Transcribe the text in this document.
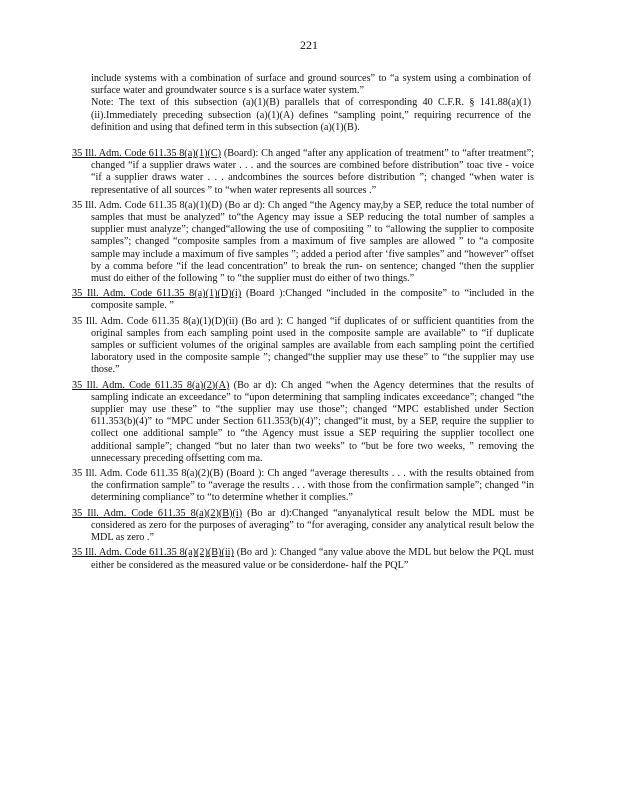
221

include systems with a combination of surface and ground sources” to “a system using a combination of surface water and groundwater source s is a surface water system.”

Note: The text of this subsection (a)(1)(B) parallels that of corresponding 40 C.F.R. § 141.88(a)(1)(ii).Immediately preceding subsection (a)(1)(A) defines “sampling point,” requiring recurrence of the definition and using that defined term in this subsection (a)(1)(B).

35 Ill. Adm. Code 611.35 8(a)(1)(C) (Board): Ch anged “after any application of treatment” to “after treatment”; changed “if a supplier draws water . . . and the sources are combined before distribution” toac tive - voice “if a supplier draws water . . . andcombines the sources before distribution ”; changed “when water is representative of all sources ” to “when water represents all sources .”

35 Ill. Adm. Code 611.35 8(a)(1)(D) (Bo ar d): Ch anged “the Agency may,by a SEP, reduce the total number of samples that must be analyzed” to“the Agency may issue a SEP reducing the total number of samples a supplier must analyze”; changed“allowing the use of compositing ” to “allowing the supplier to composite samples”; changed “composite samples from a maximum of five samples are allowed ” to “a composite sample may include a maximum of five samples ”; added a period after ‘five samples” and “however” offset by a comma before “if the lead concentration” to break the run- on sentence; changed “then the supplier must do either of the following ” to “the supplier must do either of two things.”

35 Ill. Adm. Code 611.35 8(a)(1)(D)(i) (Board ):Changed “included in the composite” to “included in the composite sample. ”

35 Ill. Adm. Code 611.35 8(a)(1)(D)(ii) (Bo ard ): C hanged “if duplicates of or sufficient quantities from the original samples from each sampling point used in the composite sample are available” to “if duplicate samples or sufficient volumes of the original samples are available from each sampling point the certified laboratory used in the composite sample ”; changed“the supplier may use these” to “the supplier may use those.”

35 Ill. Adm. Code 611.35 8(a)(2)(A) (Bo ar d): Ch anged “when the Agency determines that the results of sampling indicate an exceedance” to “upon determining that sampling indicates exceedance”; changed “the supplier may use these” to “the supplier may use those”; changed “MPC established under Section 611.353(b)(4)” to “MPC under Section 611.353(b)(4)”; changed“it must, by a SEP, require the supplier to collect one additional sample” to “the Agency must issue a SEP requiring the supplier tocollect one additional sample”; changed “but no later than two weeks” to “but be fore two weeks, ” removing the unnecessary preceding offsetting com ma.

35 Ill. Adm. Code 611.35 8(a)(2)(B) (Board ): Ch anged “average theresults . . . with the results obtained from the confirmation sample” to “average the results . . . with those from the confirmation sample”; changed “in determining compliance” to “to determine whether it complies.”

35 Ill. Adm. Code 611.35 8(a)(2)(B)(i) (Bo ar d):Changed “anyanalytical result below the MDL must be considered as zero for the purposes of averaging” to “for averaging, consider any analytical result below the MDL as zero .”

35 Ill. Adm. Code 611.35 8(a)(2)(B)(ii) (Bo ard ): Changed “any value above the MDL but below the PQL must either be considered as the measured value or be considerdone- half the PQL”
